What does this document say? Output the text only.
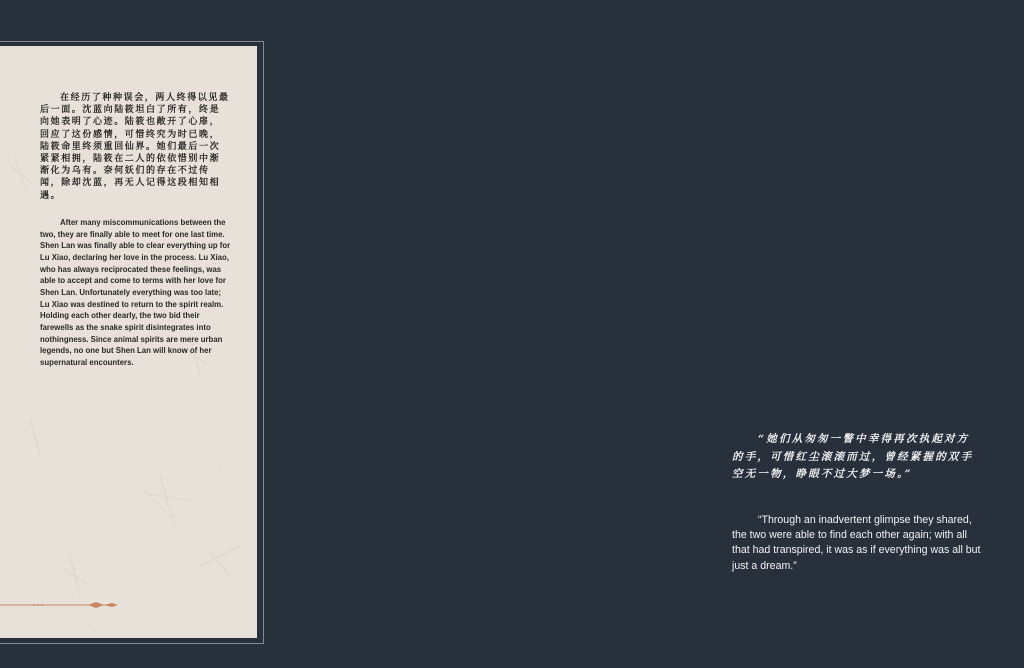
在经历了种种误会，两人终得以见最后一面。沈蓝向陆筱坦白了所有，终是向她表明了心迹。陆筱也敞开了心扉，回应了这份感情，可惜终究为时已晚，陆筱命里终须重回仙界。她们最后一次紧紧相拥，陆筱在二人的依依惜别中渐渐化为乌有。奈何妖们的存在不过传闻，除却沈蓝，再无人记得这段相知相遇。

After many miscommunications between the two, they are finally able to meet for one last time. Shen Lan was finally able to clear everything up for Lu Xiao, declaring her love in the process. Lu Xiao, who has always reciprocated these feelings, was able to accept and come to terms with her love for Shen Lan. Unfortunately everything was too late; Lu Xiao was destined to return to the spirit realm. Holding each other dearly, the two bid their farewells as the snake spirit disintegrates into nothingness. Since animal spirits are mere urban legends, no one but Shen Lan will know of her supernatural encounters.

“她们从匆匆一瞥中幸得再次执起对方的手，可惜红尘滚滚而过，曾经紧握的双手空无一物，睁眼不过大梦一场。”

“Through an inadvertent glimpse they shared, the two were able to find each other again; with all that had transpired, it was as if everything was all but just a dream.”
